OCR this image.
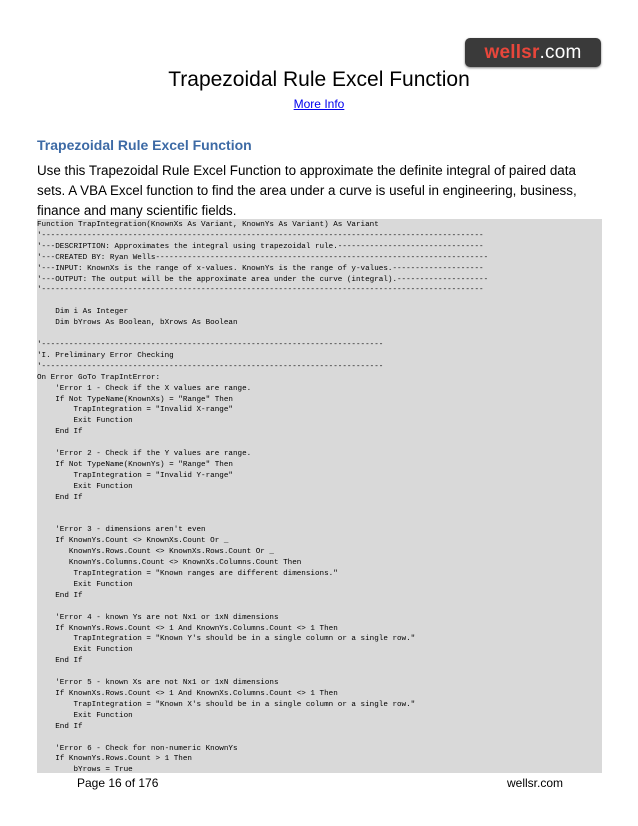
wellsr .com
Trapezoidal Rule Excel Function
More Info
Trapezoidal Rule Excel Function
Use this Trapezoidal Rule Excel Function to approximate the definite integral of paired data sets. A VBA Excel function to find the area under a curve is useful in engineering, business, finance and many scientific fields.
Function TrapIntegration(KnownXs As Variant, KnownYs As Variant) As Variant
'-------------------------------------------------------------------------------------------------
'---DESCRIPTION: Approximates the integral using trapezoidal rule.--------------------------------
'---CREATED BY: Ryan Wells-------------------------------------------------------------------------
'---INPUT: KnownXs is the range of x-values. KnownYs is the range of y-values.--------------------
'---OUTPUT: The output will be the approximate area under the curve (integral).--------------------
'-------------------------------------------------------------------------------------------------

Dim i As Integer
Dim bYrows As Boolean, bXrows As Boolean

'---------------------------------------------------------------------------
'I. Preliminary Error Checking
'---------------------------------------------------------------------------
On Error GoTo TrapIntError:
'Error 1 - Check if the X values are range.
If Not TypeName(KnownXs) = "Range" Then
TrapIntegration = "Invalid X-range"
Exit Function
End If

'Error 2 - Check if the Y values are range.
If Not TypeName(KnownYs) = "Range" Then
TrapIntegration = "Invalid Y-range"
Exit Function
End If

'Error 3 - dimensions aren't even
If KnownYs.Count <> KnownXs.Count Or _
KnownYs.Rows.Count <> KnownXs.Rows.Count Or _
KnownYs.Columns.Count <> KnownXs.Columns.Count Then
TrapIntegration = "Known ranges are different dimensions."
Exit Function
End If

'Error 4 - known Ys are not Nx1 or 1xN dimensions
If KnownYs.Rows.Count <> 1 And KnownYs.Columns.Count <> 1 Then
TrapIntegration = "Known Y's should be in a single column or a single row."
Exit Function
End If

'Error 5 - known Xs are not Nx1 or 1xN dimensions
If KnownXs.Rows.Count <> 1 And KnownXs.Columns.Count <> 1 Then
TrapIntegration = "Known X's should be in a single column or a single row."
Exit Function
End If

'Error 6 - Check for non-numeric KnownYs
If KnownYs.Rows.Count > 1 Then
bYrows = True
Page 16 of 176	wellsr.com
